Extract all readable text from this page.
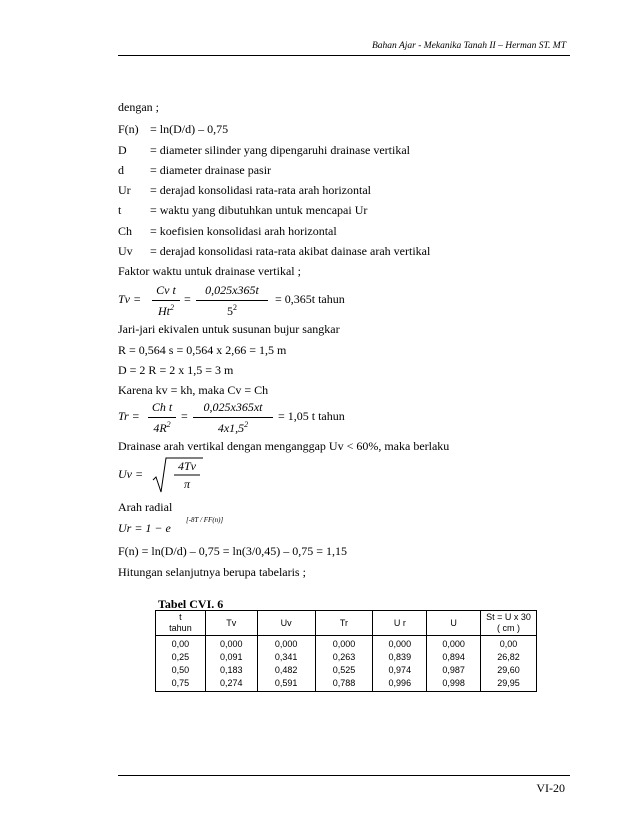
Bahan Ajar - Mekanika Tanah II – Herman ST. MT
dengan ;
F(n) = ln(D/d) – 0,75
D = diameter silinder yang dipengaruhi drainase vertikal
d = diameter drainase pasir
Ur = derajad konsolidasi rata-rata arah horizontal
t = waktu yang dibutuhkan untuk mencapai Ur
Ch = koefisien konsolidasi arah horizontal
Uv = derajad konsolidasi rata-rata akibat dainase arah vertikal
Faktor waktu untuk drainase vertikal ;
Tv =
Cv t
$Ht^2$
=
0,025x365t
$5^2$
= 0,365t tahun
Jari-jari ekivalen untuk susunan bujur sangkar
R = 0,564 s = 0,564 x 2,66 = 1,5 m
D = 2 R = 2 x 1,5 = 3 m
Karena kv = kh, maka Cv = Ch
Tr =
Ch t
$4R^2$
=
0,025x365xt
$4x1,5^2$
= 1,05 t tahun
Drainase arah vertikal dengan menganggap Uv < 60%, maka berlaku
Uv =
4Tv
π
Arah radial
Ur = 1 − e
[-8T / FF(n)]
F(n) = ln(D/d) – 0,75 = ln(3/0,45) – 0,75 = 1,15
Hitungan selanjutnya berupa tabelaris ;
Tabel CVI. 6
t
tahun	Tv	Uv	Tr	U r	U	St = U x 30
( cm )
0,00	0,000	0,000	0,000	0,000	0,000	0,00
0,25	0,091	0,341	0,263	0,839	0,894	26,82
0,50	0,183	0,482	0,525	0,974	0,987	29,60
0,75	0,274	0,591	0,788	0,996	0,998	29,95
VI-20
